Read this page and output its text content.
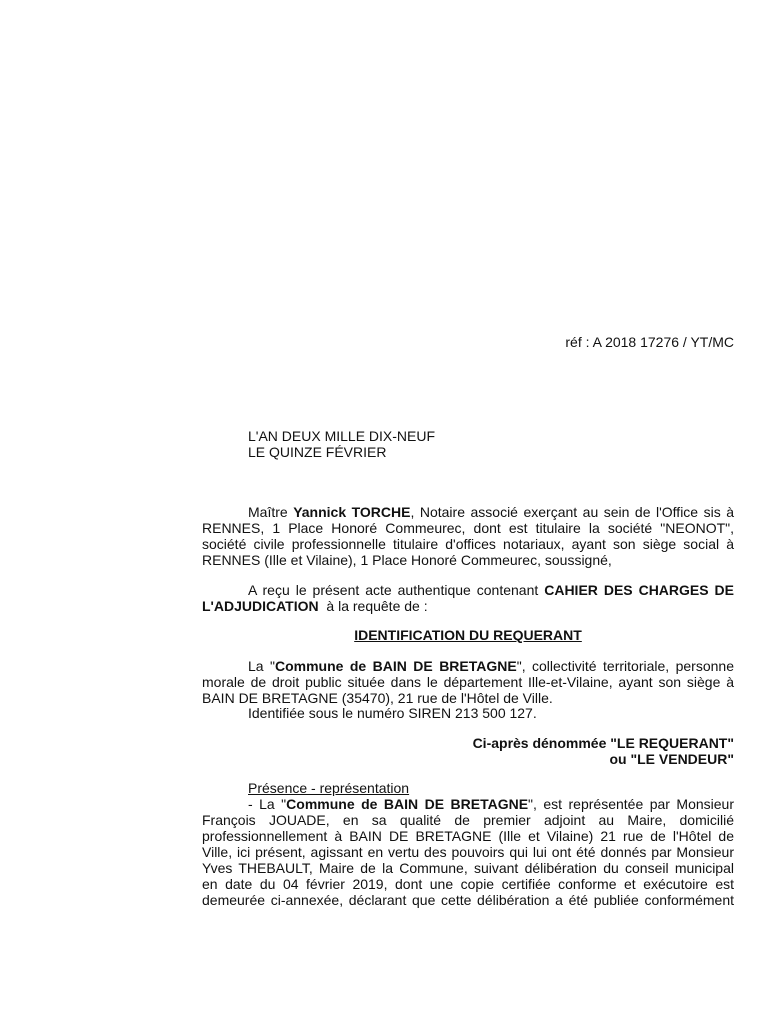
réf : A 2018 17276 / YT/MC
L'AN DEUX MILLE DIX-NEUF
LE QUINZE FÉVRIER
Maître Yannick TORCHE, Notaire associé exerçant au sein de l'Office sis à
RENNES, 1 Place Honoré Commeurec, dont est titulaire la société "NEONOT",
société civile professionnelle titulaire d'offices notariaux, ayant son siège social à
RENNES (Ille et Vilaine), 1 Place Honoré Commeurec, soussigné,
A reçu le présent acte authentique contenant CAHIER DES CHARGES DE
L'ADJUDICATION  à la requête de :
IDENTIFICATION DU REQUERANT
La "Commune de BAIN DE BRETAGNE", collectivité territoriale, personne
morale de droit public située dans le département Ille-et-Vilaine, ayant son siège à
BAIN DE BRETAGNE (35470), 21 rue de l'Hôtel de Ville.
Identifiée sous le numéro SIREN 213 500 127.
Ci-après dénommée "LE REQUERANT"
ou "LE VENDEUR"
Présence - représentation
- La "Commune de BAIN DE BRETAGNE", est représentée par Monsieur
François JOUADE, en sa qualité de premier adjoint au Maire, domicilié
professionnellement à BAIN DE BRETAGNE (Ille et Vilaine) 21 rue de l'Hôtel de
Ville, ici présent, agissant en vertu des pouvoirs qui lui ont été donnés par Monsieur
Yves THEBAULT, Maire de la Commune, suivant délibération du conseil municipal
en date du 04 février 2019, dont une copie certifiée conforme et exécutoire est
demeurée ci-annexée, déclarant que cette délibération a été publiée conformément
